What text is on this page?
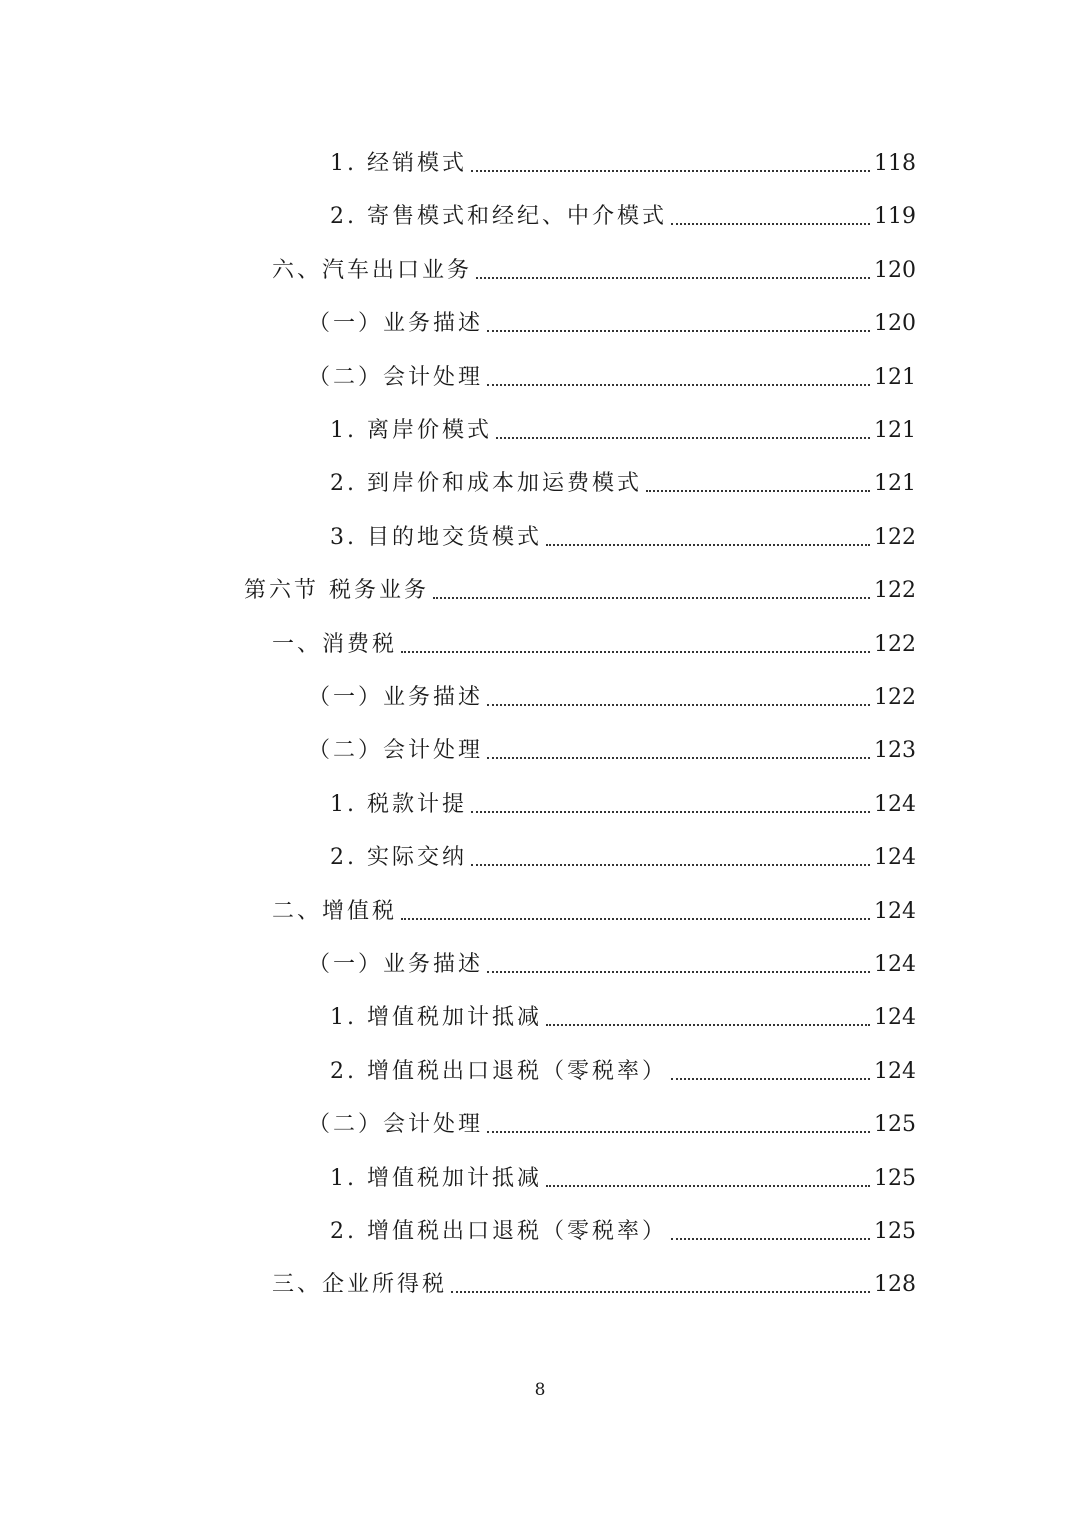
1. 经销模式	118
2. 寄售模式和经纪、中介模式	119
六、汽车出口业务	120
（一）业务描述	120
（二）会计处理	121
1. 离岸价模式	121
2. 到岸价和成本加运费模式	121
3. 目的地交货模式	122
第六节 税务业务	122
一、消费税	122
（一）业务描述	122
（二）会计处理	123
1. 税款计提	124
2. 实际交纳	124
二、增值税	124
（一）业务描述	124
1. 增值税加计抵减	124
2. 增值税出口退税（零税率）	124
（二）会计处理	125
1. 增值税加计抵减	125
2. 增值税出口退税（零税率）	125
三、企业所得税	128
8
